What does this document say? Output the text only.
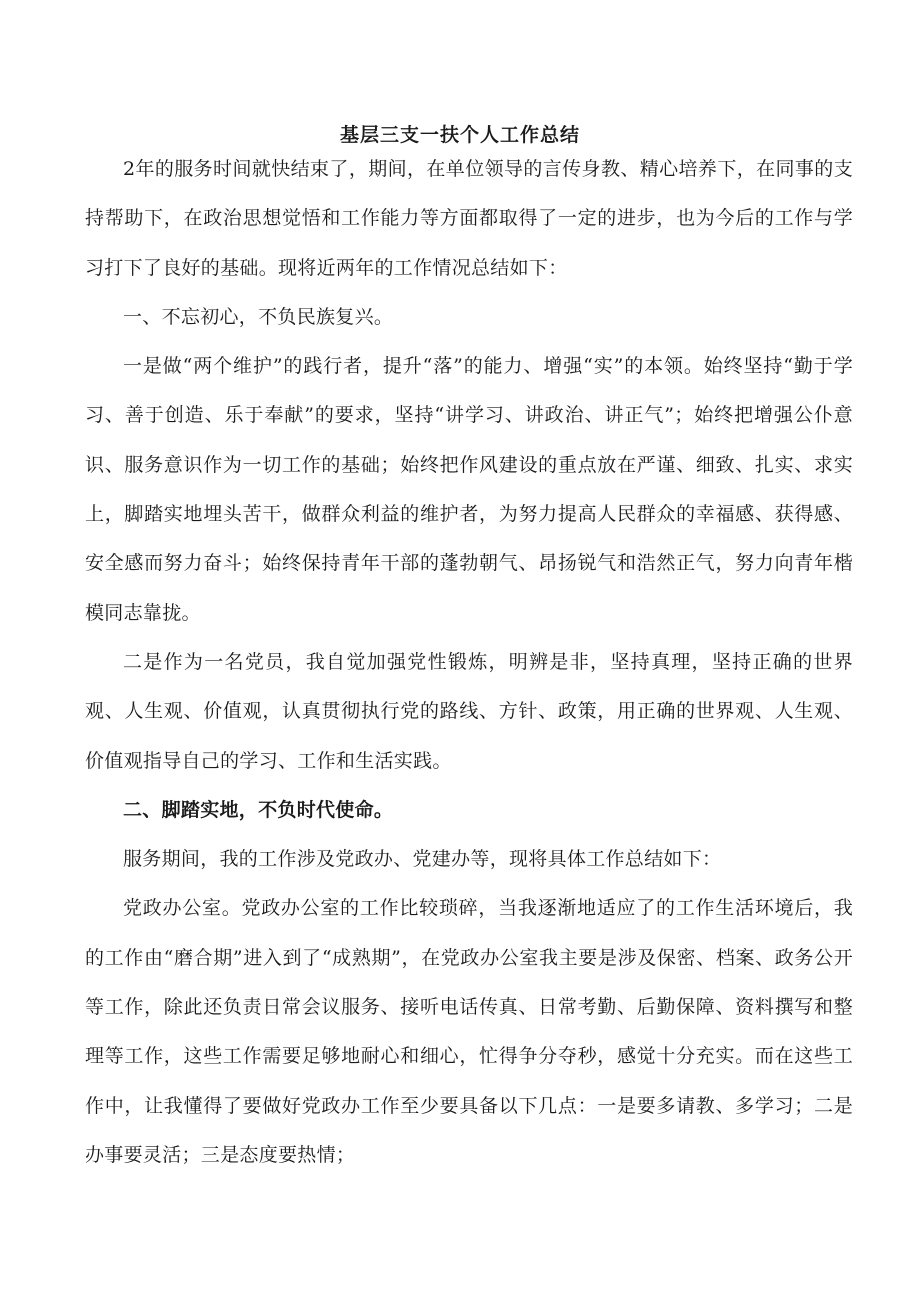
基层三支一扶个人工作总结

2年的服务时间就快结束了，期间，在单位领导的言传身教、精心培养下，在同事的支持帮助下，在政治思想觉悟和工作能力等方面都取得了一定的进步，也为今后的工作与学习打下了良好的基础。现将近两年的工作情况总结如下：

一、不忘初心，不负民族复兴。

一是做“两个维护”的践行者，提升“落”的能力、增强“实”的本领。始终坚持“勤于学习、善于创造、乐于奉献”的要求，坚持“讲学习、讲政治、讲正气”；始终把增强公仆意识、服务意识作为一切工作的基础；始终把作风建设的重点放在严谨、细致、扎实、求实上，脚踏实地埋头苦干，做群众利益的维护者，为努力提高人民群众的幸福感、获得感、安全感而努力奋斗；始终保持青年干部的蓬勃朝气、昂扬锐气和浩然正气，努力向青年楷模同志靠拢。

二是作为一名党员，我自觉加强党性锻炼，明辨是非，坚持真理，坚持正确的世界观、人生观、价值观，认真贯彻执行党的路线、方针、政策，用正确的世界观、人生观、价值观指导自己的学习、工作和生活实践。

二、脚踏实地，不负时代使命。

服务期间，我的工作涉及党政办、党建办等，现将具体工作总结如下：

党政办公室。党政办公室的工作比较琐碎，当我逐渐地适应了的工作生活环境后，我的工作由“磨合期”进入到了“成熟期”，在党政办公室我主要是涉及保密、档案、政务公开等工作，除此还负责日常会议服务、接听电话传真、日常考勤、后勤保障、资料撰写和整理等工作，这些工作需要足够地耐心和细心，忙得争分夺秒，感觉十分充实。而在这些工作中，让我懂得了要做好党政办工作至少要具备以下几点：一是要多请教、多学习；二是办事要灵活；三是态度要热情；
